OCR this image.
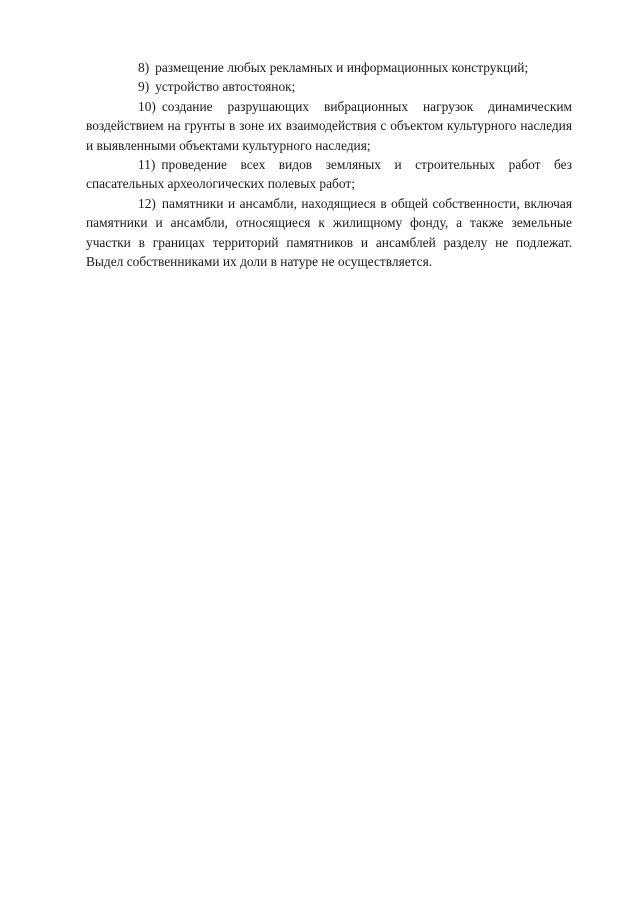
8) размещение любых рекламных и информационных конструкций;

9) устройство автостоянок;

10) создание разрушающих вибрационных нагрузок динамическим воздействием на грунты в зоне их взаимодействия с объектом культурного наследия и выявленными объектами культурного наследия;

11) проведение всех видов земляных и строительных работ без спасательных археологических полевых работ;

12) памятники и ансамбли, находящиеся в общей собственности, включая памятники и ансамбли, относящиеся к жилищному фонду, а также земельные участки в границах территорий памятников и ансамблей разделу не подлежат. Выдел собственниками их доли в натуре не осуществляется.
